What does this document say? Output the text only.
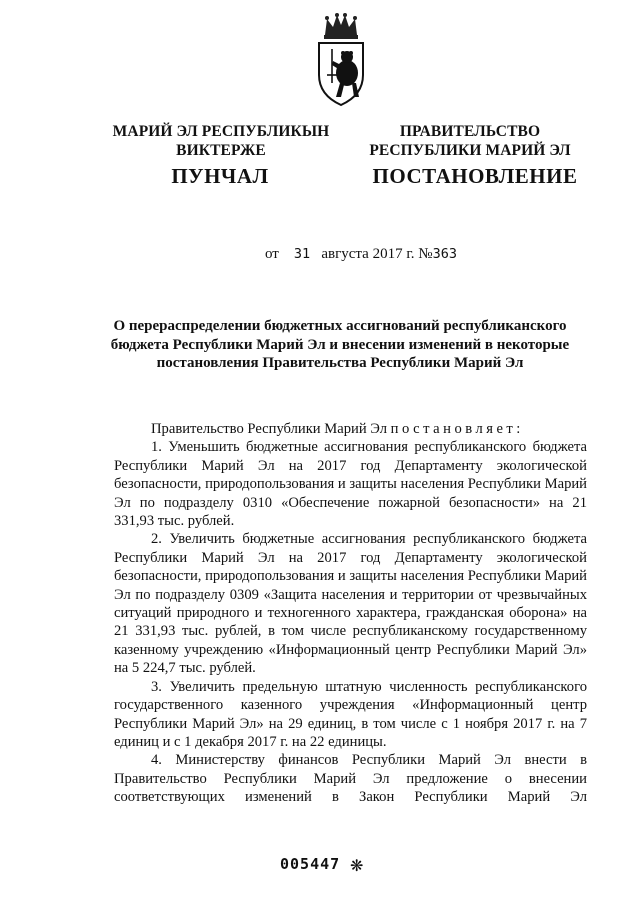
МАРИЙ ЭЛ РЕСПУБЛИКЫН
ВИКТЕРЖЕ
ПРАВИТЕЛЬСТВО
РЕСПУБЛИКИ МАРИЙ ЭЛ
ПУНЧАЛ	ПОСТАНОВЛЕНИЕ
от 31 августа 2017 г. №363
О перераспределении бюджетных ассигнований республиканского
бюджета Республики Марий Эл и внесении изменений в некоторые
постановления Правительства Республики Марий Эл

Правительство Республики Марий Эл постановляет:

1. Уменьшить бюджетные ассигнования республиканского бюджета Республики Марий Эл на 2017 год Департаменту экологической безопасности, природопользования и защиты населения Республики Марий Эл по подразделу 0310 «Обеспечение пожарной безопасности» на 21 331,93 тыс. рублей.

2. Увеличить бюджетные ассигнования республиканского бюджета Республики Марий Эл на 2017 год Департаменту экологической безопасности, природопользования и защиты населения Республики Марий Эл по подразделу 0309 «Защита населения и территории от чрезвычайных ситуаций природного и техногенного характера, гражданская оборона» на 21 331,93 тыс. рублей, в том числе республиканскому государственному казенному учреждению «Информационный центр Республики Марий Эл» на 5 224,7 тыс. рублей.

3. Увеличить предельную штатную численность республиканского государственного казенного учреждения «Информационный центр Республики Марий Эл» на 29 единиц, в том числе с 1 ноября 2017 г. на 7 единиц и с 1 декабря 2017 г. на 22 единицы.

4. Министерству финансов Республики Марий Эл внести в Правительство Республики Марий Эл предложение о внесении соответствующих изменений в Закон Республики Марий Эл

005447 ❋
